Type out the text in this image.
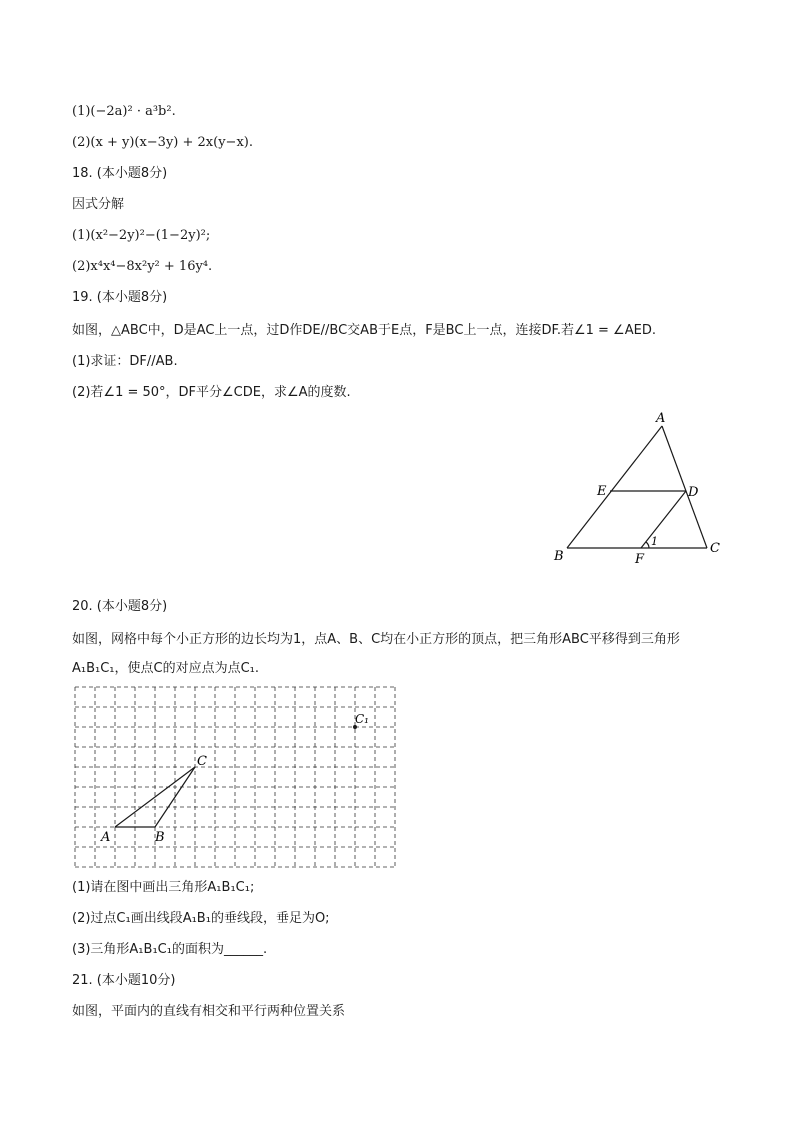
(1)(−2a)² · a³b².
(2)(x + y)(x−3y) + 2x(y−x).
18. (本小题8分)
因式分解
(1)(x²−2y)²−(1−2y)²;
(2)x⁴x⁴−8x²y² + 16y⁴.
19. (本小题8分)
如图，△ABC中，D是AC上一点，过D作DE//BC交AB于E点，F是BC上一点，连接DF.若∠1 = ∠AED.
(1)求证：DF//AB.
(2)若∠1 = 50°，DF平分∠CDE，求∠A的度数.
A
E	D
B	F
C
1
20. (本小题8分)
如图，网格中每个小正方形的边长均为1，点A、B、C均在小正方形的顶点，把三角形ABC平移得到三角形
A₁B₁C₁，使点C的对应点为点C₁.
A	B
C
C₁
(1)请在图中画出三角形A₁B₁C₁;
(2)过点C₁画出线段A₁B₁的垂线段，垂足为O;
(3)三角形A₁B₁C₁的面积为______.
21. (本小题10分)
如图，平面内的直线有相交和平行两种位置关系
